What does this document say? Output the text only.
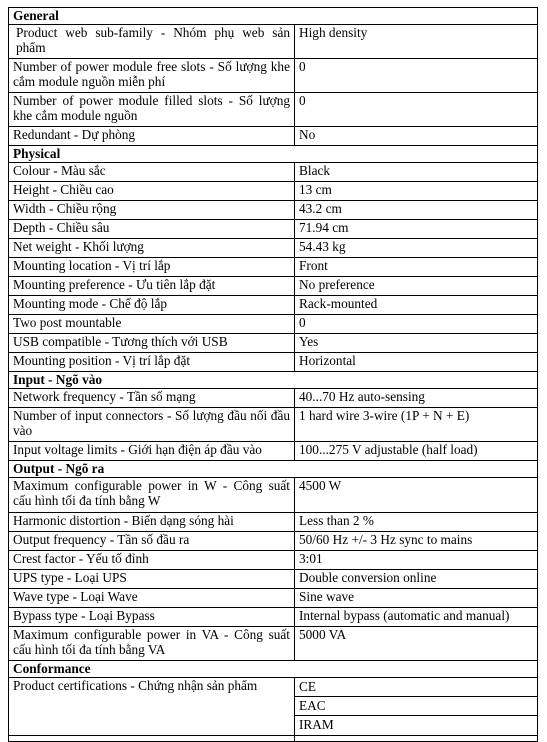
General	
Product web sub-family - Nhóm phụ web sản phẩm	High density
Number of power module free slots - Số lượng khe cắm module nguồn miễn phí	0
Number of power module filled slots - Số lượng khe cắm module nguồn	0
Redundant - Dự phòng	No
Physical	
Colour - Màu sắc	Black
Height - Chiều cao	13 cm
Width - Chiều rộng	43.2 cm
Depth - Chiều sâu	71.94 cm
Net weight - Khối lượng	54.43 kg
Mounting location - Vị trí lắp	Front
Mounting preference - Ưu tiên lắp đặt	No preference
Mounting mode - Chế độ lắp	Rack-mounted
Two post mountable	0
USB compatible - Tương thích với USB	Yes
Mounting position - Vị trí lắp đặt	Horizontal
Input - Ngõ vào	
Network frequency - Tần số mạng	40...70 Hz auto-sensing
Number of input connectors - Số lượng đầu nối đầu vào	1 hard wire 3-wire (1P + N + E)
Input voltage limits - Giới hạn điện áp đầu vào	100...275 V adjustable (half load)
Output - Ngõ ra	
Maximum configurable power in W - Công suất cấu hình tối đa tính bằng W	4500 W
Harmonic distortion - Biến dạng sóng hài	Less than 2 %
Output frequency - Tần số đầu ra	50/60 Hz +/- 3 Hz sync to mains
Crest factor - Yếu tố đỉnh	3:01
UPS type - Loại UPS	Double conversion online
Wave type - Loại Wave	Sine wave
Bypass type - Loại Bypass	Internal bypass (automatic and manual)
Maximum configurable power in VA - Công suất cấu hình tối đa tính bằng VA	5000 VA
Conformance	
Product certifications - Chứng nhận sản phẩm	CE
EAC
IRAM
